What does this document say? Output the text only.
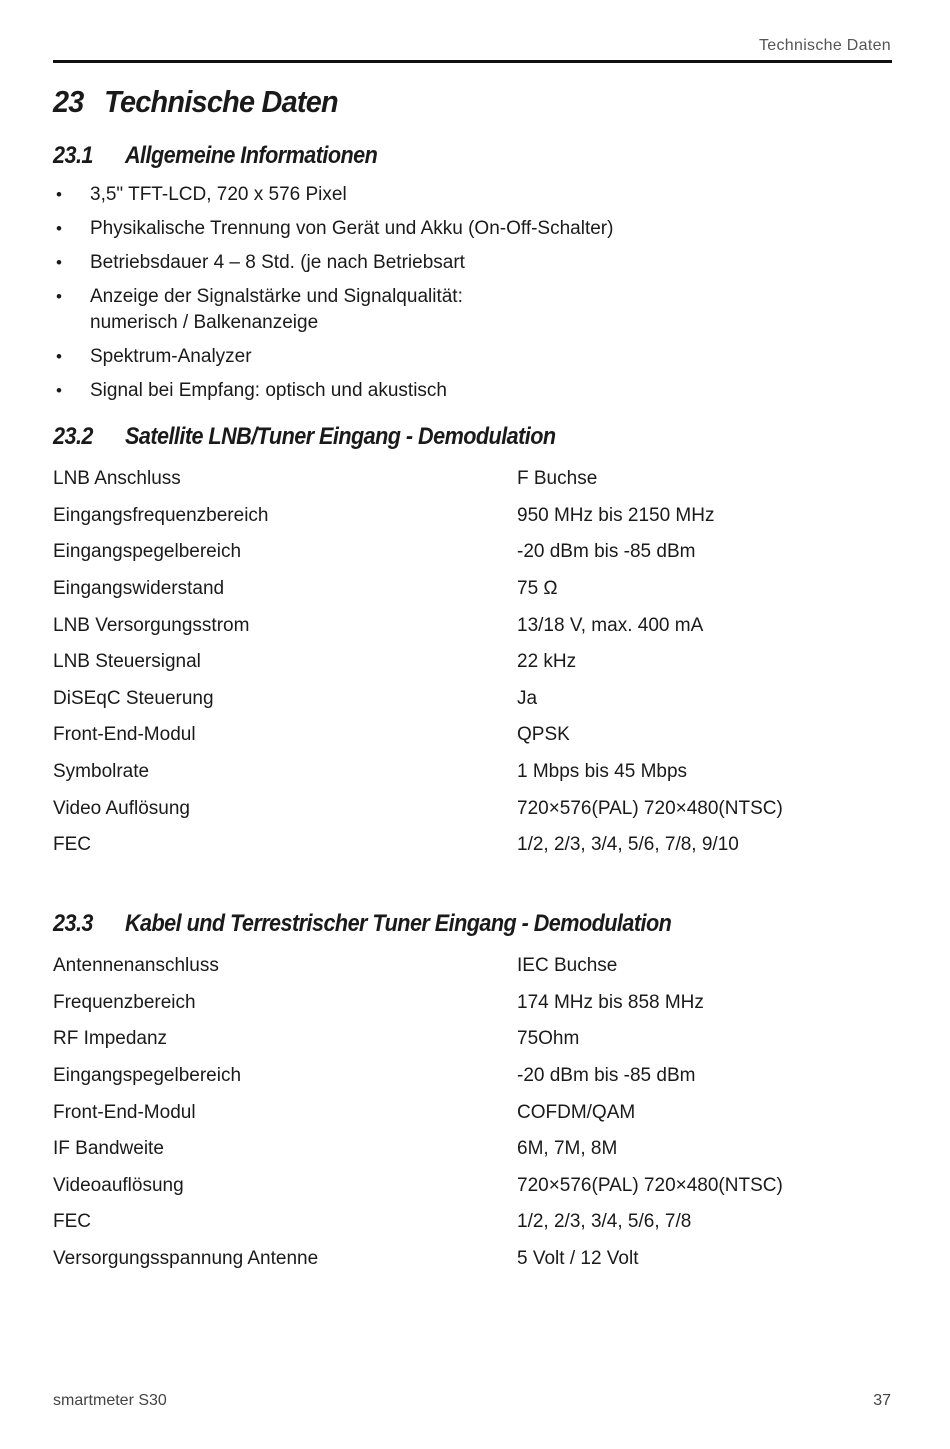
Technische Daten
23 Technische Daten
23.1 Allgemeine Informationen
• 3,5" TFT-LCD, 720 x 576 Pixel
• Physikalische Trennung von Gerät und Akku (On-Off-Schalter)
• Betriebsdauer 4 – 8 Std. (je nach Betriebsart
• Anzeige der Signalstärke und Signalqualität:
numerisch / Balkenanzeige
• Spektrum-Analyzer
• Signal bei Empfang: optisch und akustisch
23.2 Satellite LNB/Tuner Eingang - Demodulation
LNB Anschluss	F Buchse
Eingangsfrequenzbereich	950 MHz bis 2150 MHz
Eingangspegelbereich	-20 dBm bis -85 dBm
Eingangswiderstand	75 Ω
LNB Versorgungsstrom	13/18 V, max. 400 mA
LNB Steuersignal	22 kHz
DiSEqC Steuerung	Ja
Front-End-Modul	QPSK
Symbolrate	1 Mbps bis 45 Mbps
Video Auflösung	720×576(PAL) 720×480(NTSC)
FEC	1/2, 2/3, 3/4, 5/6, 7/8, 9/10
23.3 Kabel und Terrestrischer Tuner Eingang - Demodulation
Antennenanschluss	IEC Buchse
Frequenzbereich	174 MHz bis 858 MHz
RF Impedanz	75Ohm
Eingangspegelbereich	-20 dBm bis -85 dBm
Front-End-Modul	COFDM/QAM
IF Bandweite	6M, 7M, 8M
Videoauflösung	720×576(PAL) 720×480(NTSC)
FEC	1/2, 2/3, 3/4, 5/6, 7/8
Versorgungsspannung Antenne	5 Volt / 12 Volt
smartmeter S30	37
